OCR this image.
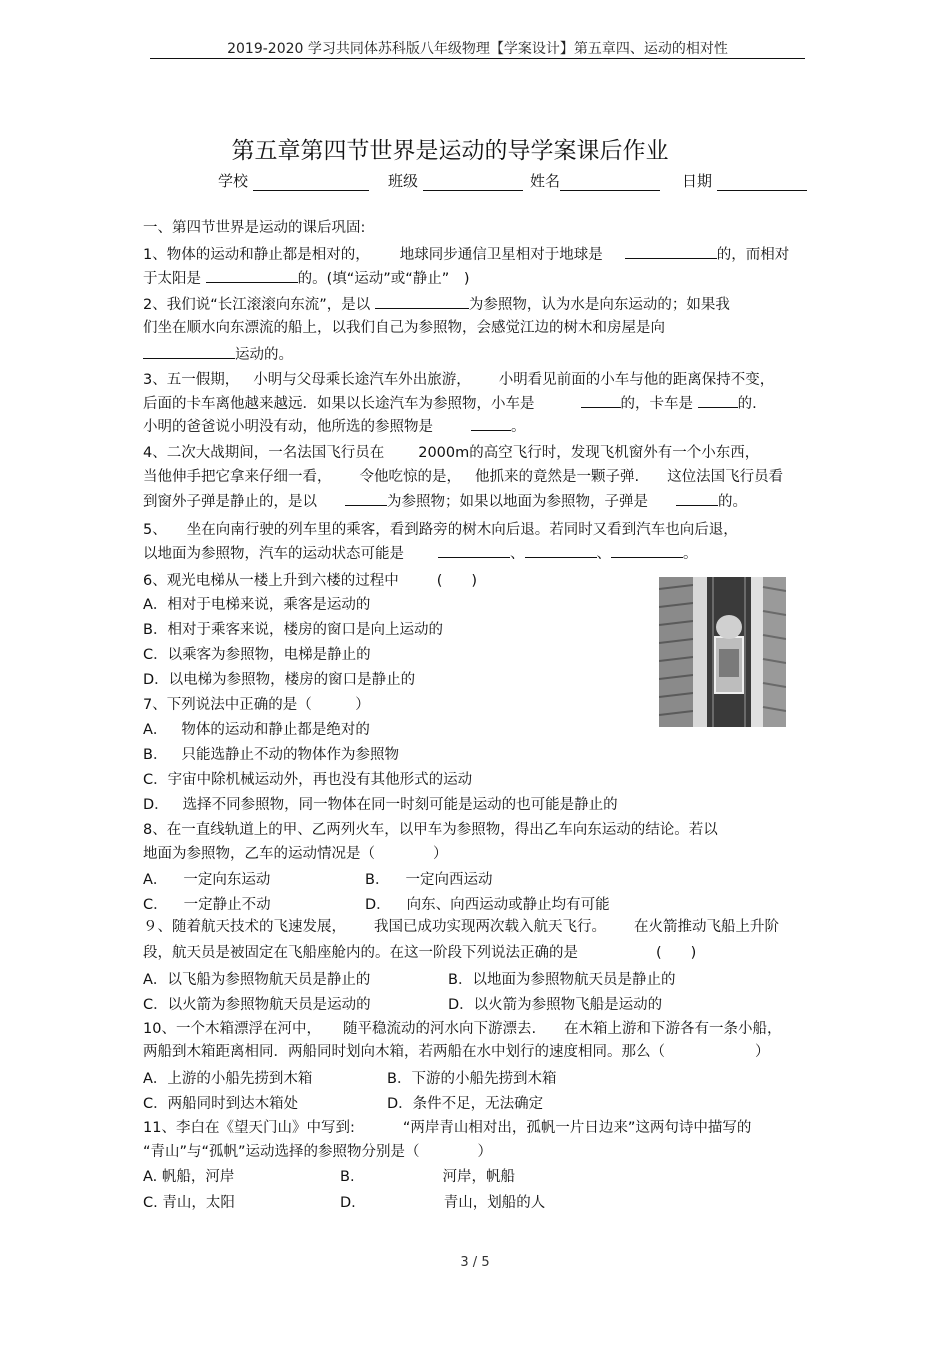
2019-2020 学习共同体苏科版八年级物理【学案设计】第五章四、运动的相对性
第五章第四节世界是运动的导学案课后作业
学校	班级	姓名	日期
一、第四节世界是运动的课后巩固:
1、物体的运动和静止都是相对的， 地球同步通信卫星相对于地球是	的，而相对
于太阳是	的。(填“运动”或“静止”　)
2、我们说“长江滚滚向东流”，是以	为参照物，认为水是向东运动的；如果我
们坐在顺水向东漂流的船上，以我们自己为参照物，会感觉江边的树木和房屋是向
运动的。
3、五一假期， 小明与父母乘长途汽车外出旅游， 小明看见前面的小车与他的距离保持不变，
后面的卡车离他越来越远．如果以长途汽车为参照物，小车是	的，卡车是	的.
小明的爸爸说小明没有动，他所选的参照物是	。
4、二次大战期间，一名法国飞行员在 2000m的高空飞行时，发现飞机窗外有一个小东西，
当他伸手把它拿来仔细一看， 令他吃惊的是， 他抓来的竟然是一颗子弹. 这位法国飞行员看
到窗外子弹是静止的，是以	为参照物；如果以地面为参照物，子弹是	的。
5、 坐在向南行驶的列车里的乘客，看到路旁的树木向后退。若同时又看到汽车也向后退，
以地面为参照物，汽车的运动状态可能是	、	、	。
6、观光电梯从一楼上升到六楼的过程中	(　　)
A．相对于电梯来说，乘客是运动的
B．相对于乘客来说，楼房的窗口是向上运动的
C．以乘客为参照物，电梯是静止的
D．以电梯为参照物，楼房的窗口是静止的
7、下列说法中正确的是（　　　）
A． 物体的运动和静止都是绝对的
B． 只能选静止不动的物体作为参照物
C．宇宙中除机械运动外，再也没有其他形式的运动
D． 选择不同参照物，同一物体在同一时刻可能是运动的也可能是静止的
8、在一直线轨道上的甲、乙两列火车，以甲车为参照物，得出乙车向东运动的结论。若以
地面为参照物，乙车的运动情况是（　　　　）
A． 一定向东运动	B． 一定向西运动
C． 一定静止不动	D． 向东、向西运动或静止均有可能
９、随着航天技术的飞速发展， 我国已成功实现两次载入航天飞行。 在火箭推动飞船上升阶
段，航天员是被固定在飞船座舱内的。在这一阶段下列说法正确的是	(　　)
A．以飞船为参照物航天员是静止的	B．以地面为参照物航天员是静止的
C．以火箭为参照物航天员是运动的	D．以火箭为参照物飞船是运动的
10、一个木箱漂浮在河中， 随平稳流动的河水向下游漂去. 在木箱上游和下游各有一条小船，
两船到木箱距离相同．两船同时划向木箱，若两船在水中划行的速度相同。那么（	）
A．上游的小船先捞到木箱	B．下游的小船先捞到木箱
C．两船同时到达木箱处	D．条件不足，无法确定
11、李白在《望天门山》中写到:	“两岸青山相对出，孤帆一片日边来”这两句诗中描写的
“青山”与“孤帆”运动选择的参照物分别是（　　　　）
A. 帆船，河岸	B.	河岸，帆船
C. 青山，太阳	D.	青山，划船的人
3 / 5
